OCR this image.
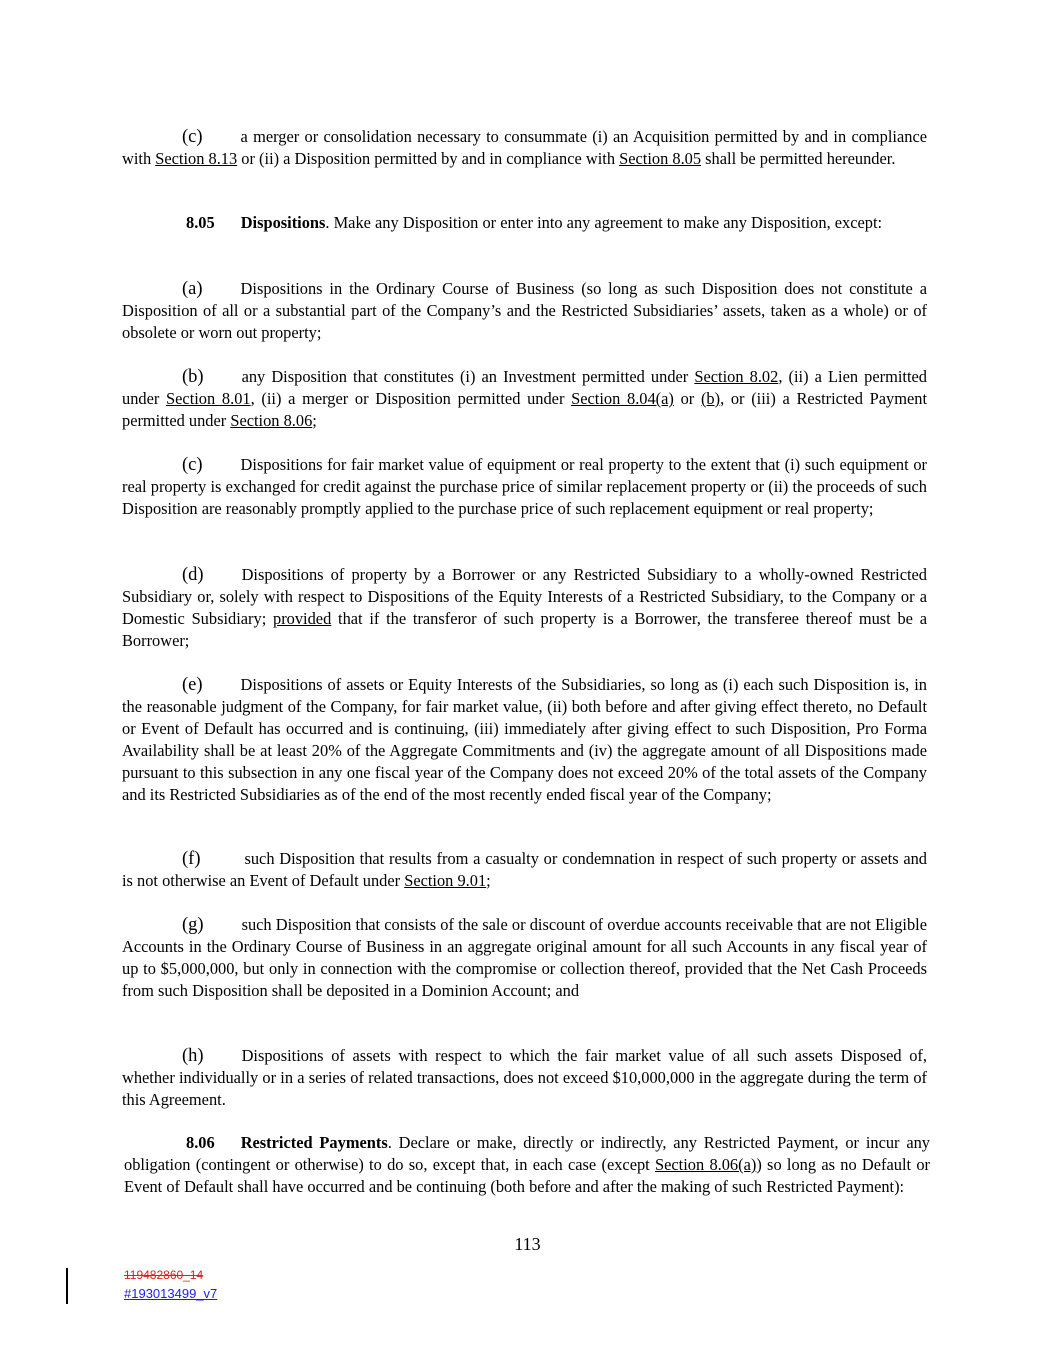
(c) a merger or consolidation necessary to consummate (i) an Acquisition permitted by and in compliance with Section 8.13 or (ii) a Disposition permitted by and in compliance with Section 8.05 shall be permitted hereunder.
8.05 Dispositions. Make any Disposition or enter into any agreement to make any Disposition, except:
(a) Dispositions in the Ordinary Course of Business (so long as such Disposition does not constitute a Disposition of all or a substantial part of the Company’s and the Restricted Subsidiaries’ assets, taken as a whole) or of obsolete or worn out property;
(b) any Disposition that constitutes (i) an Investment permitted under Section 8.02, (ii) a Lien permitted under Section 8.01, (ii) a merger or Disposition permitted under Section 8.04(a) or (b), or (iii) a Restricted Payment permitted under Section 8.06;
(c) Dispositions for fair market value of equipment or real property to the extent that (i) such equipment or real property is exchanged for credit against the purchase price of similar replacement property or (ii) the proceeds of such Disposition are reasonably promptly applied to the purchase price of such replacement equipment or real property;
(d) Dispositions of property by a Borrower or any Restricted Subsidiary to a wholly-owned Restricted Subsidiary or, solely with respect to Dispositions of the Equity Interests of a Restricted Subsidiary, to the Company or a Domestic Subsidiary; provided that if the transferor of such property is a Borrower, the transferee thereof must be a Borrower;
(e) Dispositions of assets or Equity Interests of the Subsidiaries, so long as (i) each such Disposition is, in the reasonable judgment of the Company, for fair market value, (ii) both before and after giving effect thereto, no Default or Event of Default has occurred and is continuing, (iii) immediately after giving effect to such Disposition, Pro Forma Availability shall be at least 20% of the Aggregate Commitments and (iv) the aggregate amount of all Dispositions made pursuant to this subsection in any one fiscal year of the Company does not exceed 20% of the total assets of the Company and its Restricted Subsidiaries as of the end of the most recently ended fiscal year of the Company;
(f)	such Disposition that results from a casualty or condemnation in respect of such property or assets and is not otherwise an Event of Default under Section 9.01;
(g) such Disposition that consists of the sale or discount of overdue accounts receivable that are not Eligible Accounts in the Ordinary Course of Business in an aggregate original amount for all such Accounts in any fiscal year of up to $5,000,000, but only in connection with the compromise or collection thereof, provided that the Net Cash Proceeds from such Disposition shall be deposited in a Dominion Account; and
(h) Dispositions of assets with respect to which the fair market value of all such assets Disposed of, whether individually or in a series of related transactions, does not exceed $10,000,000 in the aggregate during the term of this Agreement.
8.06 Restricted Payments. Declare or make, directly or indirectly, any Restricted Payment, or incur any obligation (contingent or otherwise) to do so, except that, in each case (except Section 8.06(a)) so long as no Default or Event of Default shall have occurred and be continuing (both before and after the making of such Restricted Payment):
113
119482860_14
#193013499_v7
